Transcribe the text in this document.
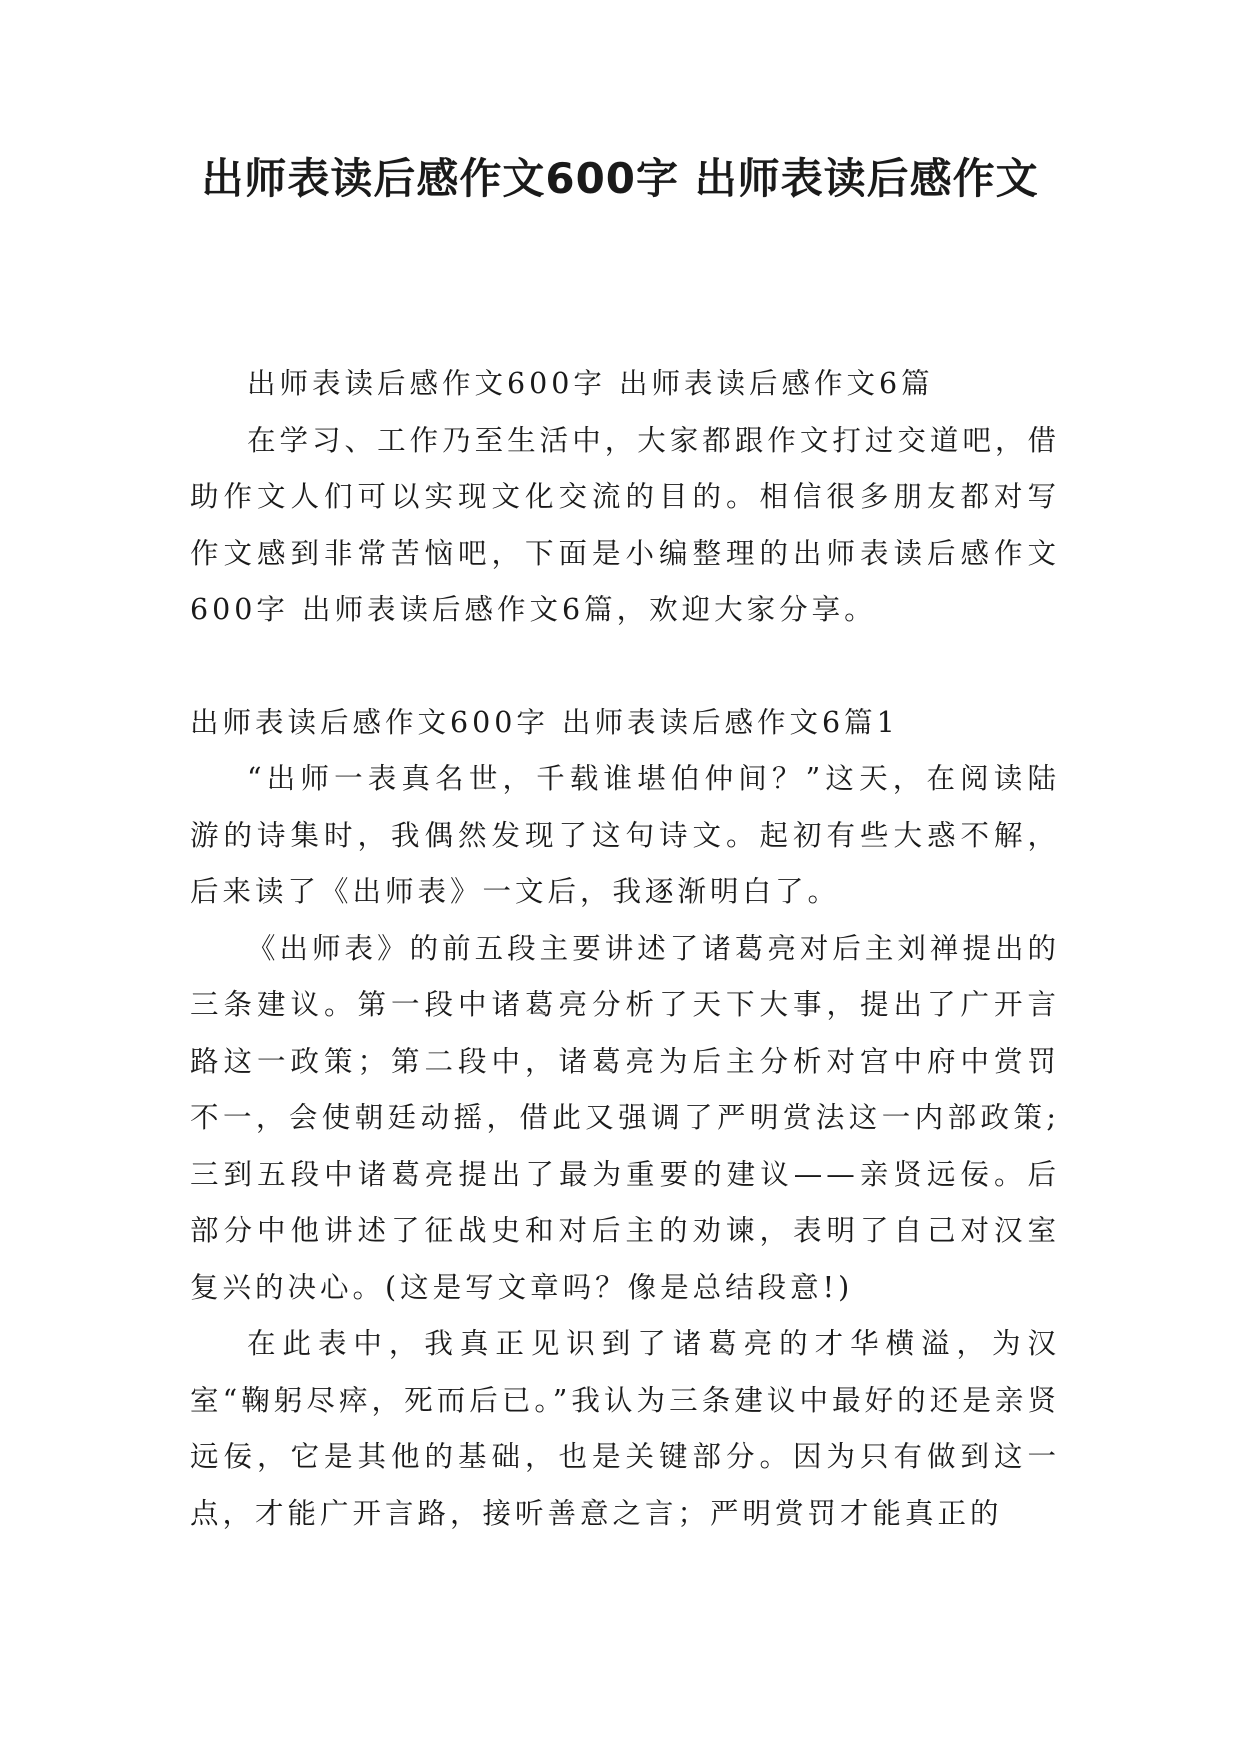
出师表读后感作文600字 出师表读后感作文

出师表读后感作文600字 出师表读后感作文6篇

在学习、工作乃至生活中，大家都跟作文打过交道吧，借助作文人们可以实现文化交流的目的。相信很多朋友都对写作文感到非常苦恼吧，下面是小编整理的出师表读后感作文600字 出师表读后感作文6篇，欢迎大家分享。

出师表读后感作文600字 出师表读后感作文6篇1

“出师一表真名世，千载谁堪伯仲间？”这天，在阅读陆游的诗集时，我偶然发现了这句诗文。起初有些大惑不解，后来读了《出师表》一文后，我逐渐明白了。

《出师表》的前五段主要讲述了诸葛亮对后主刘禅提出的三条建议。第一段中诸葛亮分析了天下大事，提出了广开言路这一政策；第二段中，诸葛亮为后主分析对宫中府中赏罚不一，会使朝廷动摇，借此又强调了严明赏法这一内部政策;三到五段中诸葛亮提出了最为重要的建议——亲贤远佞。后部分中他讲述了征战史和对后主的劝谏，表明了自己对汉室复兴的决心。(这是写文章吗？像是总结段意!)

在此表中，我真正见识到了诸葛亮的才华横溢，为汉室“鞠躬尽瘁，死而后已。”我认为三条建议中最好的还是亲贤远佞，它是其他的基础，也是关键部分。因为只有做到这一点，才能广开言路，接听善意之言；严明赏罚才能真正的
